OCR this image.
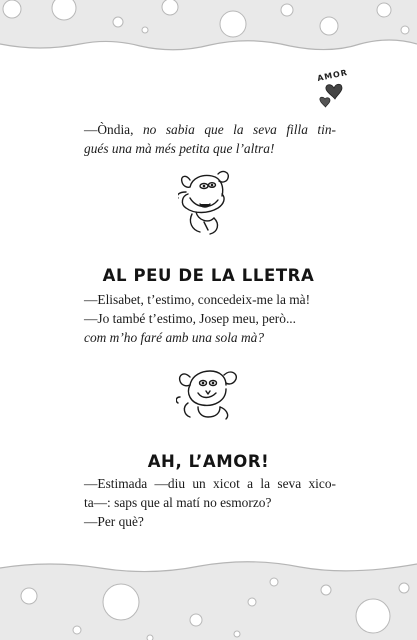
AMOR

—Òndia, no sabia que la seva filla tin-
gués una mà més petita que l’altra!

AL PEU DE LA LLETRA

—Elisabet, t’estimo, concedeix-me la mà!
—Jo també t’estimo, Josep meu, però...
com m’ho faré amb una sola mà?

AH, L’AMOR!

—Estimada —diu un xicot a la seva xico-
ta—: saps que al matí no esmorzo?
—Per què?
